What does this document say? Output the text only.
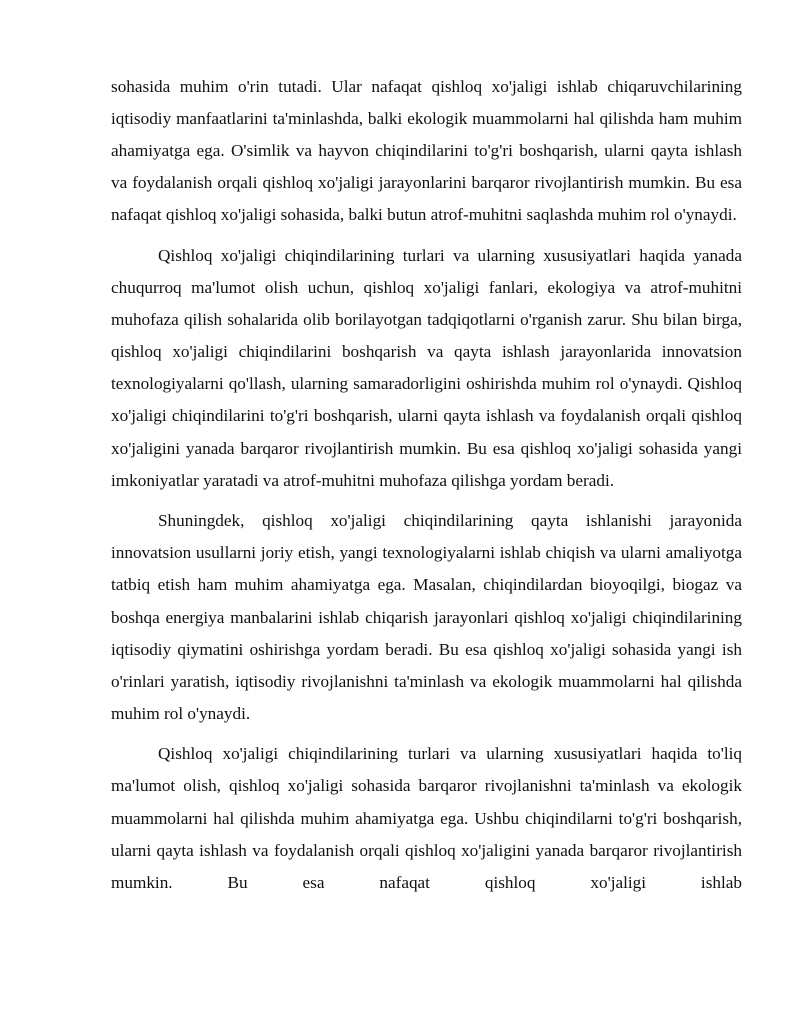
sohasida muhim o'rin tutadi. Ular nafaqat qishloq xo'jaligi ishlab chiqaruvchilarining iqtisodiy manfaatlarini ta'minlashda, balki ekologik muammolarni hal qilishda ham muhim ahamiyatga ega. O'simlik va hayvon chiqindilarini to'g'ri boshqarish, ularni qayta ishlash va foydalanish orqali qishloq xo'jaligi jarayonlarini barqaror rivojlantirish mumkin. Bu esa nafaqat qishloq xo'jaligi sohasida, balki butun atrof-muhitni saqlashda muhim rol o'ynaydi.

Qishloq xo'jaligi chiqindilarining turlari va ularning xususiyatlari haqida yanada chuqurroq ma'lumot olish uchun, qishloq xo'jaligi fanlari, ekologiya va atrof-muhitni muhofaza qilish sohalarida olib borilayotgan tadqiqotlarni o'rganish zarur. Shu bilan birga, qishloq xo'jaligi chiqindilarini boshqarish va qayta ishlash jarayonlarida innovatsion texnologiyalarni qo'llash, ularning samaradorligini oshirishda muhim rol o'ynaydi. Qishloq xo'jaligi chiqindilarini to'g'ri boshqarish, ularni qayta ishlash va foydalanish orqali qishloq xo'jaligini yanada barqaror rivojlantirish mumkin. Bu esa qishloq xo'jaligi sohasida yangi imkoniyatlar yaratadi va atrof-muhitni muhofaza qilishga yordam beradi.

Shuningdek, qishloq xo'jaligi chiqindilarining qayta ishlanishi jarayonida innovatsion usullarni joriy etish, yangi texnologiyalarni ishlab chiqish va ularni amaliyotga tatbiq etish ham muhim ahamiyatga ega. Masalan, chiqindilardan bioyoqilgi, biogaz va boshqa energiya manbalarini ishlab chiqarish jarayonlari qishloq xo'jaligi chiqindilarining iqtisodiy qiymatini oshirishga yordam beradi. Bu esa qishloq xo'jaligi sohasida yangi ish o'rinlari yaratish, iqtisodiy rivojlanishni ta'minlash va ekologik muammolarni hal qilishda muhim rol o'ynaydi.

Qishloq xo'jaligi chiqindilarining turlari va ularning xususiyatlari haqida to'liq ma'lumot olish, qishloq xo'jaligi sohasida barqaror rivojlanishni ta'minlash va ekologik muammolarni hal qilishda muhim ahamiyatga ega. Ushbu chiqindilarni to'g'ri boshqarish, ularni qayta ishlash va foydalanish orqali qishloq xo'jaligini yanada barqaror rivojlantirish mumkin. Bu esa nafaqat qishloq xo'jaligi ishlab
